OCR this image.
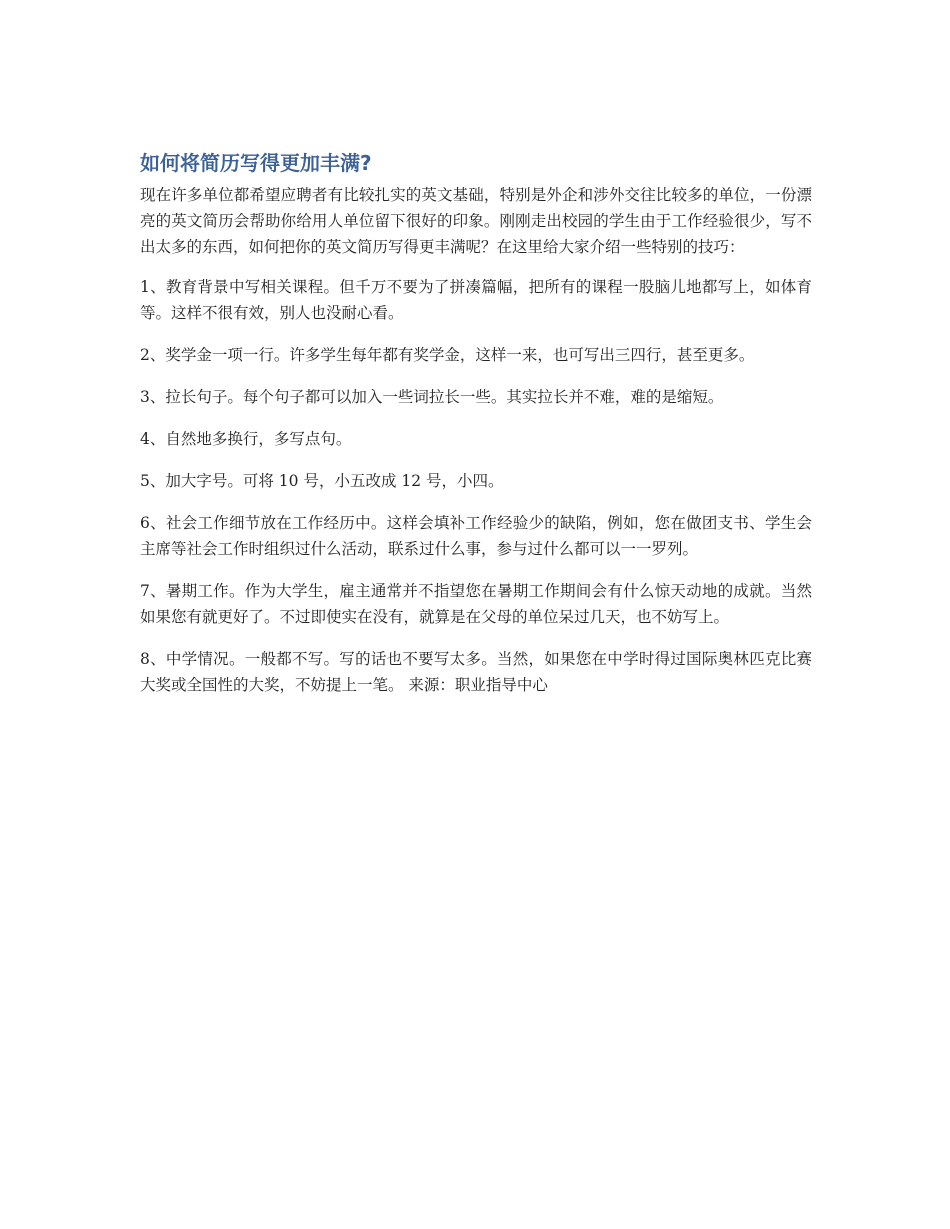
如何将简历写得更加丰满?

现在许多单位都希望应聘者有比较扎实的英文基础，特别是外企和涉外交往比较多的单位，一份漂亮的英文简历会帮助你给用人单位留下很好的印象。刚刚走出校园的学生由于工作经验很少，写不出太多的东西，如何把你的英文简历写得更丰满呢？在这里给大家介绍一些特别的技巧：

1、教育背景中写相关课程。但千万不要为了拼凑篇幅，把所有的课程一股脑儿地都写上，如体育等。这样不很有效，别人也没耐心看。

2、奖学金一项一行。许多学生每年都有奖学金，这样一来，也可写出三四行，甚至更多。

3、拉长句子。每个句子都可以加入一些词拉长一些。其实拉长并不难，难的是缩短。

4、自然地多换行，多写点句。

5、加大字号。可将 10 号，小五改成 12 号，小四。

6、社会工作细节放在工作经历中。这样会填补工作经验少的缺陷，例如，您在做团支书、学生会主席等社会工作时组织过什么活动，联系过什么事，参与过什么都可以一一罗列。

7、暑期工作。作为大学生，雇主通常并不指望您在暑期工作期间会有什么惊天动地的成就。当然如果您有就更好了。不过即使实在没有，就算是在父母的单位呆过几天，也不妨写上。

8、中学情况。一般都不写。写的话也不要写太多。当然，如果您在中学时得过国际奥林匹克比赛大奖或全国性的大奖，不妨提上一笔。 来源：职业指导中心
